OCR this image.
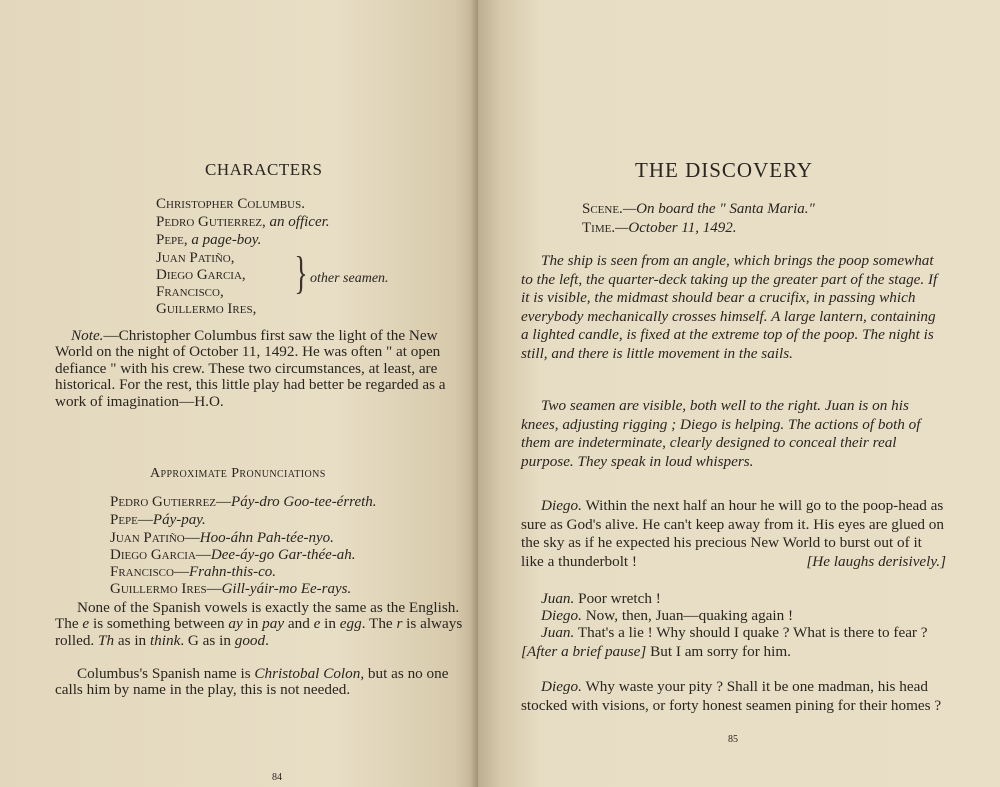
CHARACTERS
Christopher Columbus.
Pedro Gutierrez, an officer.
Pepe, a page-boy.
Juan Patiño,
Diego Garcia,
Francisco,
Guillermo Ires,
} other seamen.
Note.—Christopher Columbus first saw the light of the New World on the night of October 11, 1492. He was often " at open defiance " with his crew. These two circumstances, at least, are historical. For the rest, this little play had better be regarded as a work of imagination—H.O.
Approximate Pronunciations
Pedro Gutierrez—Páy-dro Goo-tee-érreth.
Pepe—Páy-pay.
Juan Patiño—Hoo-áhn Pah-tée-nyo.
Diego Garcia—Dee-áy-go Gar-thée-ah.
Francisco—Frahn-this-co.
Guillermo Ires—Gill-yáir-mo Ee-rays.
None of the Spanish vowels is exactly the same as the English. The e is something between ay in pay and e in egg. The r is always rolled. Th as in think. G as in good.
Columbus's Spanish name is Christobal Colon, but as no one calls him by name in the play, this is not needed.
84
THE DISCOVERY
Scene.—On board the " Santa Maria."
Time.—October 11, 1492.
The ship is seen from an angle, which brings the poop somewhat to the left, the quarter-deck taking up the greater part of the stage. If it is visible, the midmast should bear a crucifix, in passing which everybody mechanically crosses himself. A large lantern, containing a lighted candle, is fixed at the extreme top of the poop. The night is still, and there is little movement in the sails.
Two seamen are visible, both well to the right. Juan is on his knees, adjusting rigging ; Diego is helping. The actions of both of them are indeterminate, clearly designed to conceal their real purpose. They speak in loud whispers.
Diego. Within the next half an hour he will go to the poop-head as sure as God's alive. He can't keep away from it. His eyes are glued on the sky as if he expected his precious New World to burst out of it like a thunderbolt !	[He laughs derisively.]
Juan. Poor wretch !
Diego. Now, then, Juan—quaking again !
Juan. That's a lie ! Why should I quake ? What is there to fear ? [After a brief pause] But I am sorry for him.
Diego. Why waste your pity ? Shall it be one madman, his head stocked with visions, or forty honest seamen pining for their homes ?
85
